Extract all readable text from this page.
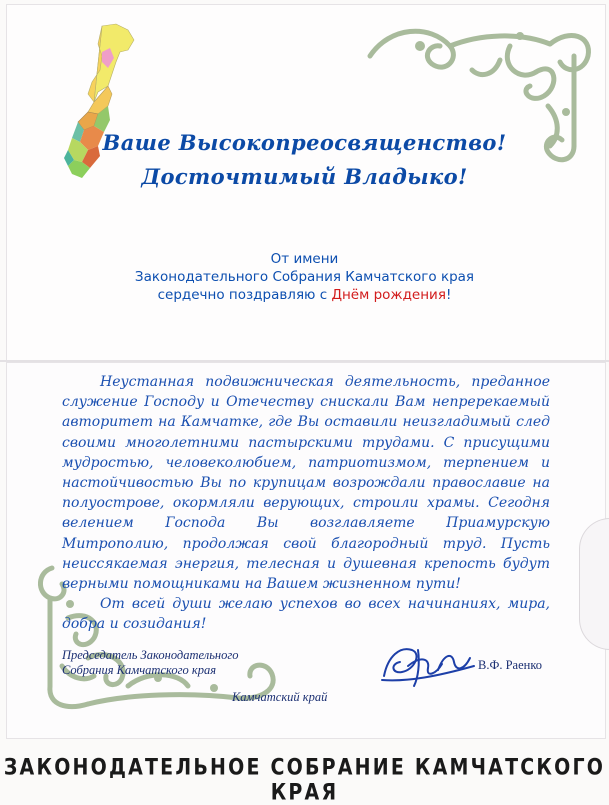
Ваше Высокопреосвященство!
Досточтимый Владыко!
От имени
Законодательного Собрания Камчатского края
сердечно поздравляю с Днём рождения!

Неустанная подвижническая деятельность, преданное служение Господу и Отечеству снискали Вам непререкаемый авторитет на Камчатке, где Вы оставили неизгладимый след своими многолетними пастырскими трудами. С присущими мудростью, человеколюбием, патриотизмом, терпением и настойчивостью Вы по крупицам возрождали православие на полуострове, окормляли верующих, строили храмы. Сегодня велением Господа Вы возглавляете Приамурскую Митрополию, продолжая свой благородный труд. Пусть неиссякаемая энергия, телесная и душевная крепость будут верными помощниками на Вашем жизненном пути!

От всей души желаю успехов во всех начинаниях, мира, добра и созидания!

Председатель Законодательного
Собрания Камчатского края	В.Ф. Раенко
Камчатский край
ЗАКОНОДАТЕЛЬНОЕ СОБРАНИЕ КАМЧАТСКОГО КРАЯ
